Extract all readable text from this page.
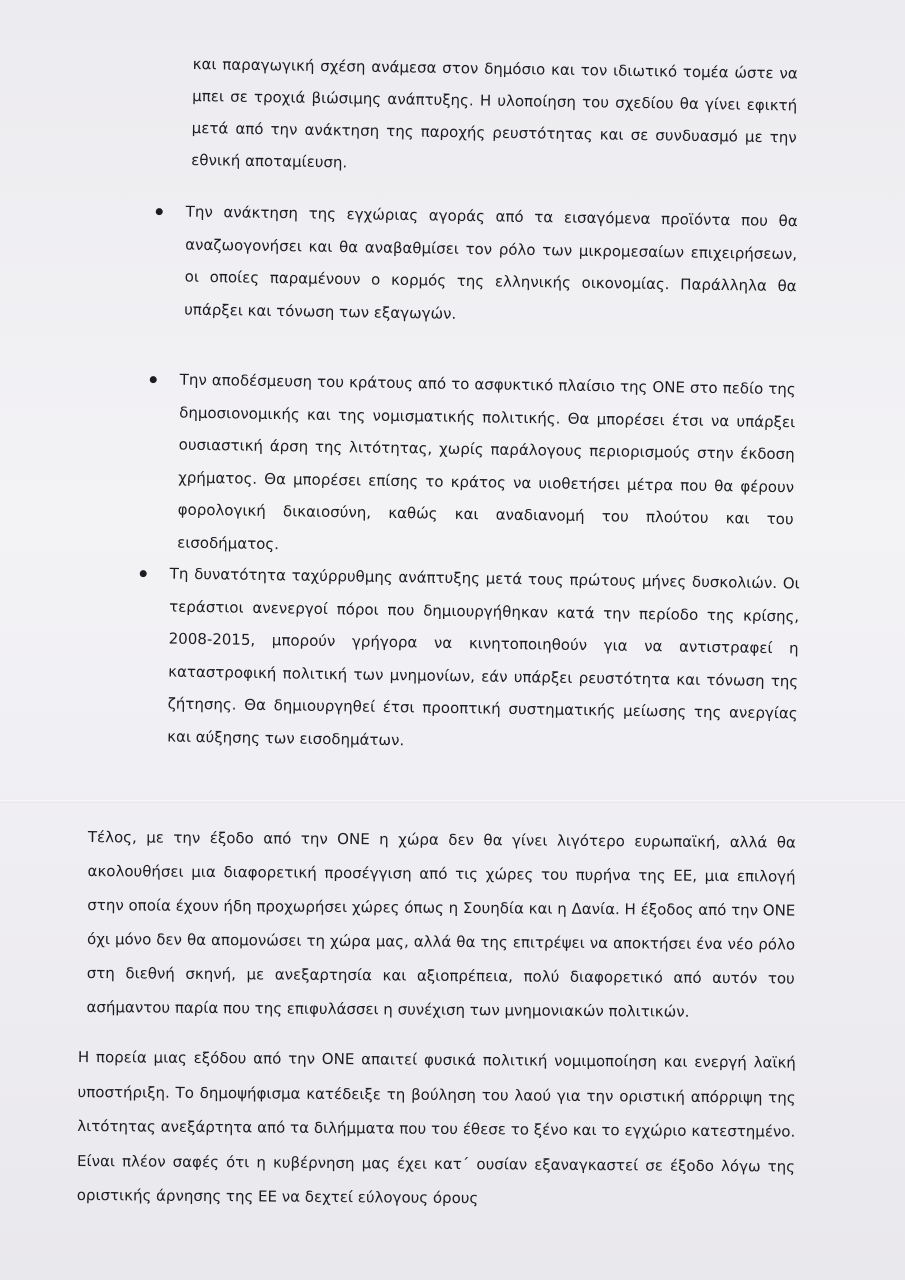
και παραγωγική σχέση ανάμεσα στον δημόσιο και τον ιδιωτικό τομέα ώστε να μπει σε τροχιά βιώσιμης ανάπτυξης. Η υλοποίηση του σχεδίου θα γίνει εφικτή μετά από την ανάκτηση της παροχής ρευστότητας και σε συνδυασμό με την εθνική αποταμίευση.

Την ανάκτηση της εγχώριας αγοράς από τα εισαγόμενα προϊόντα που θα αναζωογονήσει και θα αναβαθμίσει τον ρόλο των μικρομεσαίων επιχειρήσεων, οι οποίες παραμένουν ο κορμός της ελληνικής οικονομίας. Παράλληλα θα υπάρξει και τόνωση των εξαγωγών.
Την αποδέσμευση του κράτους από το ασφυκτικό πλαίσιο της ΟΝΕ στο πεδίο της δημοσιονομικής και της νομισματικής πολιτικής. Θα μπορέσει έτσι να υπάρξει ουσιαστική άρση της λιτότητας, χωρίς παράλογους περιορισμούς στην έκδοση χρήματος. Θα μπορέσει επίσης το κράτος να υιοθετήσει μέτρα που θα φέρουν φορολογική δικαιοσύνη, καθώς και αναδιανομή του πλούτου και του εισοδήματος.
Τη δυνατότητα ταχύρρυθμης ανάπτυξης μετά τους πρώτους μήνες δυσκολιών. Οι τεράστιοι ανενεργοί πόροι που δημιουργήθηκαν κατά την περίοδο της κρίσης, 2008-2015, μπορούν γρήγορα να κινητοποιηθούν για να αντιστραφεί η καταστροφική πολιτική των μνημονίων, εάν υπάρξει ρευστότητα και τόνωση της ζήτησης. Θα δημιουργηθεί έτσι προοπτική συστηματικής μείωσης της ανεργίας και αύξησης των εισοδημάτων.

Τέλος, με την έξοδο από την ΟΝΕ η χώρα δεν θα γίνει λιγότερο ευρωπαϊκή, αλλά θα ακολουθήσει μια διαφορετική προσέγγιση από τις χώρες του πυρήνα της ΕΕ, μια επιλογή στην οποία έχουν ήδη προχωρήσει χώρες όπως η Σουηδία και η Δανία. Η έξοδος από την ΟΝΕ όχι μόνο δεν θα απομονώσει τη χώρα μας, αλλά θα της επιτρέψει να αποκτήσει ένα νέο ρόλο στη διεθνή σκηνή, με ανεξαρτησία και αξιοπρέπεια, πολύ διαφορετικό από αυτόν του ασήμαντου παρία που της επιφυλάσσει η συνέχιση των μνημονιακών πολιτικών.

Η πορεία μιας εξόδου από την ΟΝΕ απαιτεί φυσικά πολιτική νομιμοποίηση και ενεργή λαϊκή υποστήριξη. Το δημοψήφισμα κατέδειξε τη βούληση του λαού για την οριστική απόρριψη της λιτότητας ανεξάρτητα από τα διλήμματα που του έθεσε το ξένο και το εγχώριο κατεστημένο. Είναι πλέον σαφές ότι η κυβέρνηση μας έχει κατ΄ ουσίαν εξαναγκαστεί σε έξοδο λόγω της οριστικής άρνησης της ΕΕ να δεχτεί εύλογους όρους
